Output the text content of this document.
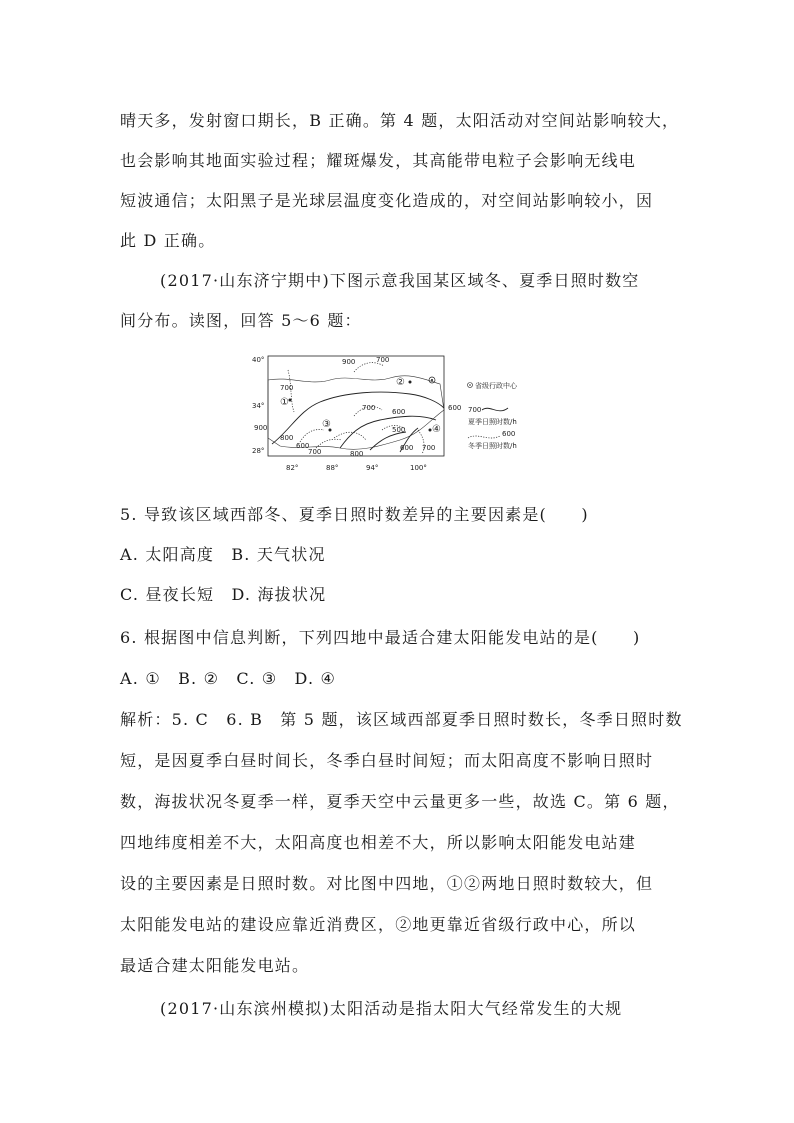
晴天多，发射窗口期长，B 正确。第 4 题，太阳活动对空间站影响较大，
也会影响其地面实验过程；耀斑爆发，其高能带电粒子会影响无线电
短波通信；太阳黑子是光球层温度变化造成的，对空间站影响较小，因
此 D 正确。
(2017·山东济宁期中)下图示意我国某区域冬、夏季日照时数空
间分布。读图，回答 5～6 题：
40°
34°
28°
82°	88°	94°	100°
900	700
700
900
800
600
700
700 600
500
600
800
700
600
①
②
③	④
省级行政中心
700
夏季日照时数/h
600
冬季日照时数/h
5. 导致该区域西部冬、夏季日照时数差异的主要因素是(　　)
A. 太阳高度　B. 天气状况
C. 昼夜长短　D. 海拔状况
6. 根据图中信息判断，下列四地中最适合建太阳能发电站的是(　　)
A. ①　B. ②　C. ③　D. ④
解析：5. C　6. B　第 5 题，该区域西部夏季日照时数长，冬季日照时数
短，是因夏季白昼时间长，冬季白昼时间短；而太阳高度不影响日照时
数，海拔状况冬夏季一样，夏季天空中云量更多一些，故选 C。第 6 题，
四地纬度相差不大，太阳高度也相差不大，所以影响太阳能发电站建
设的主要因素是日照时数。对比图中四地，①②两地日照时数较大，但
太阳能发电站的建设应靠近消费区，②地更靠近省级行政中心，所以
最适合建太阳能发电站。
(2017·山东滨州模拟)太阳活动是指太阳大气经常发生的大规
